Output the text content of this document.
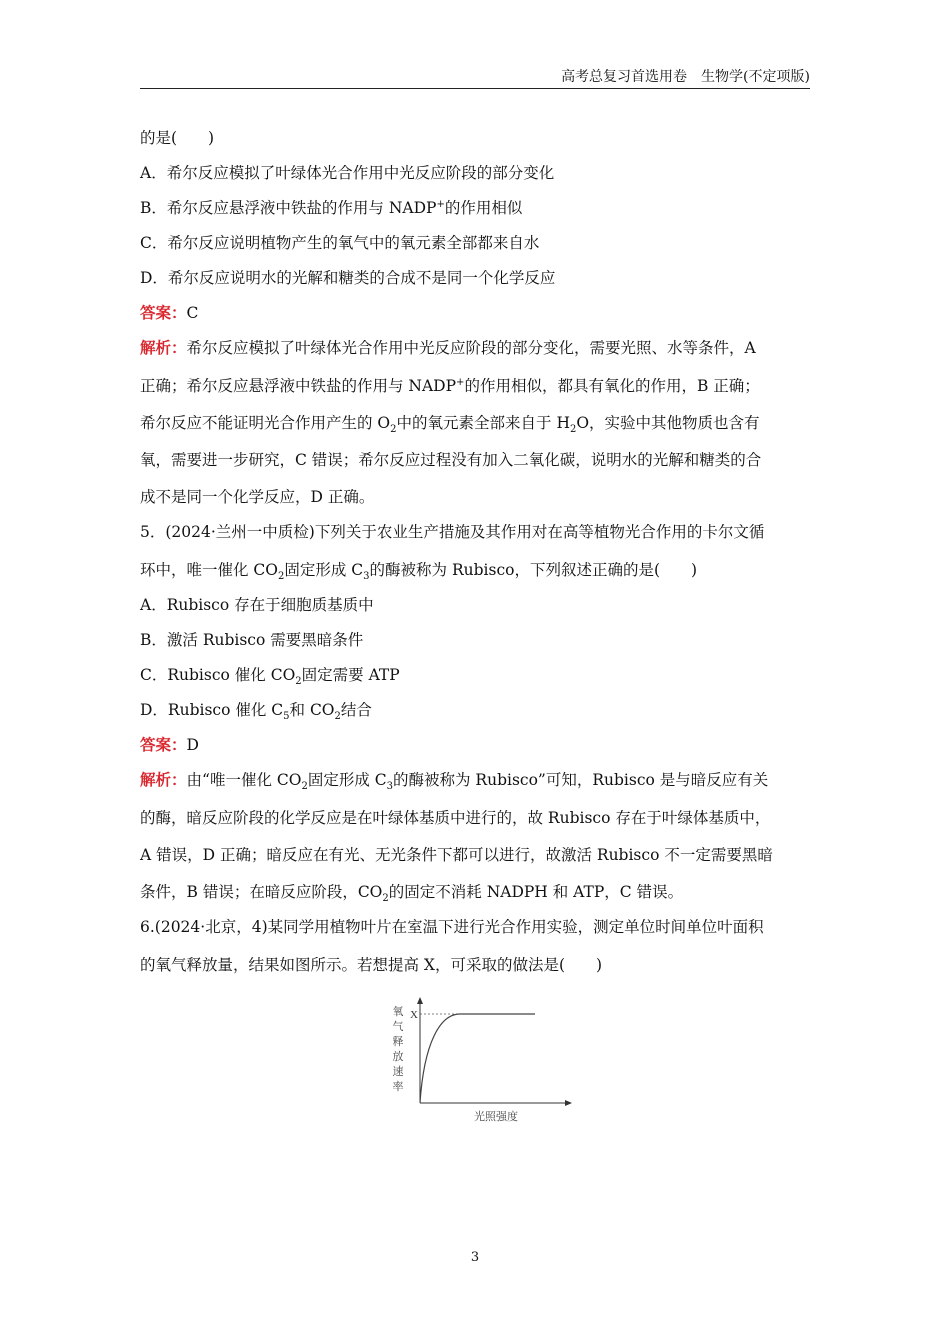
高考总复习首选用卷　生物学(不定项版)
的是(　　)
A．希尔反应模拟了叶绿体光合作用中光反应阶段的部分变化
B．希尔反应悬浮液中铁盐的作用与 NADP+的作用相似
C．希尔反应说明植物产生的氧气中的氧元素全部都来自水
D．希尔反应说明水的光解和糖类的合成不是同一个化学反应
答案：C
解析：希尔反应模拟了叶绿体光合作用中光反应阶段的部分变化，需要光照、水等条件，A
正确；希尔反应悬浮液中铁盐的作用与 NADP+的作用相似，都具有氧化的作用，B 正确；
希尔反应不能证明光合作用产生的 $O_2$中的氧元素全部来自于 $H_2O$，实验中其他物质也含有
氧，需要进一步研究，C 错误；希尔反应过程没有加入二氧化碳，说明水的光解和糖类的合
成不是同一个化学反应，D 正确。
5．(2024·兰州一中质检)下列关于农业生产措施及其作用对在高等植物光合作用的卡尔文循
环中，唯一催化 $CO_2$固定形成 $C_3$的酶被称为 Rubisco，下列叙述正确的是(　　)
A．Rubisco 存在于细胞质基质中
B．激活 Rubisco 需要黑暗条件
C．Rubisco 催化 $CO_2$固定需要 ATP
D．Rubisco 催化 $C_5$和 $CO_2$结合
答案：D
解析：由“唯一催化 $CO_2$固定形成 $C_3$的酶被称为 Rubisco”可知，Rubisco 是与暗反应有关
的酶，暗反应阶段的化学反应是在叶绿体基质中进行的，故 Rubisco 存在于叶绿体基质中，
A 错误，D 正确；暗反应在有光、无光条件下都可以进行，故激活 Rubisco 不一定需要黑暗
条件，B 错误；在暗反应阶段，$CO_2$的固定不消耗 NADPH 和 ATP，C 错误。
6.(2024·北京，4)某同学用植物叶片在室温下进行光合作用实验，测定单位时间单位叶面积
的氧气释放量，结果如图所示。若想提高 X，可采取的做法是(　　)
X
氧
气
释
放
速
率
光照强度
3
